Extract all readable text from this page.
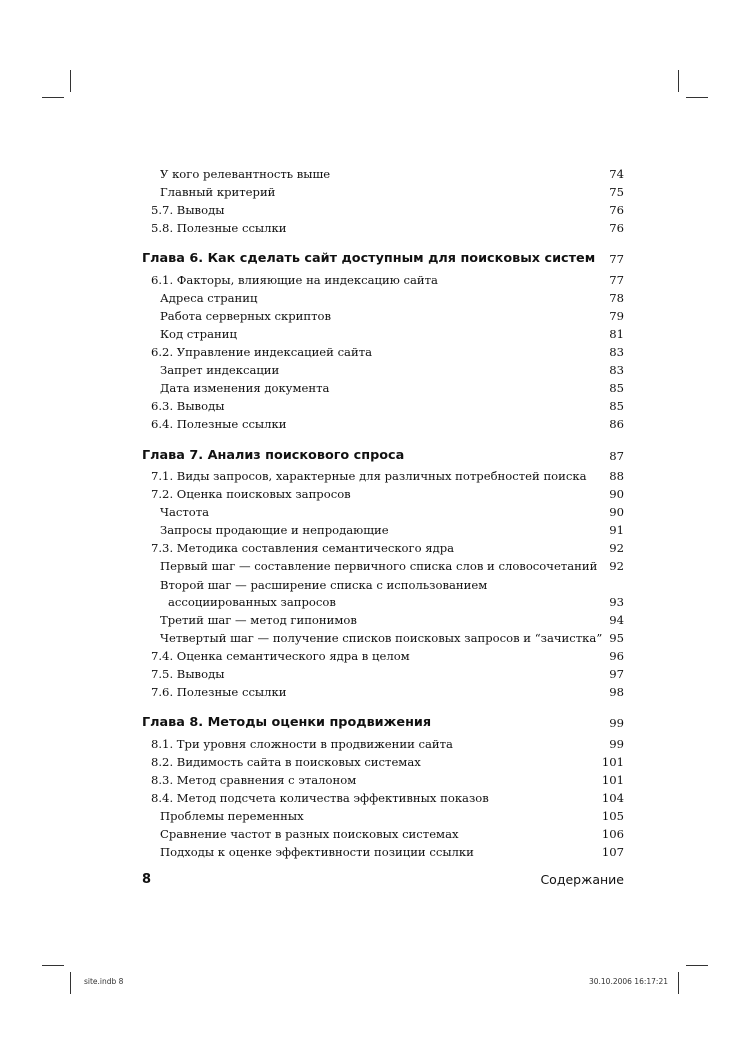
У кого релевантность выше	74
Главный критерий	75
5.7. Выводы	76
5.8. Полезные ссылки	76
Глава 6. Как сделать сайт доступным для поисковых систем 77
6.1. Факторы, влияющие на индексацию сайта	77
Адреса страниц	78
Работа серверных скриптов	79
Код страниц	81
6.2. Управление индексацией сайта	83
Запрет индексации	83
Дата изменения документа	85
6.3. Выводы	85
6.4. Полезные ссылки	86
Глава 7. Анализ поискового спроса	87
7.1. Виды запросов, характерные для различных потребностей поиска 88
7.2. Оценка поисковых запросов	90
Частота	90
Запросы продающие и непродающие	91
7.3. Методика составления семантического ядра	92
Первый шаг — составление первичного списка слов и словосочетаний 92
Второй шаг — расширение списка с использованием
ассоциированных запросов	93
Третий шаг — метод гипонимов	94
Четвертый шаг — получение списков поисковых запросов и “зачистка” 95
7.4. Оценка семантического ядра в целом	96
7.5. Выводы	97
7.6. Полезные ссылки	98
Глава 8. Методы оценки продвижения	99
8.1. Три уровня сложности в продвижении сайта	99
8.2. Видимость сайта в поисковых системах	101
8.3. Метод сравнения с эталоном	101
8.4. Метод подсчета количества эффективных показов	104
Проблемы переменных	105
Сравнение частот в разных поисковых системах	106
Подходы к оценке эффективности позиции ссылки	107
8	Содержание
site.indb 8	30.10.2006 16:17:21
